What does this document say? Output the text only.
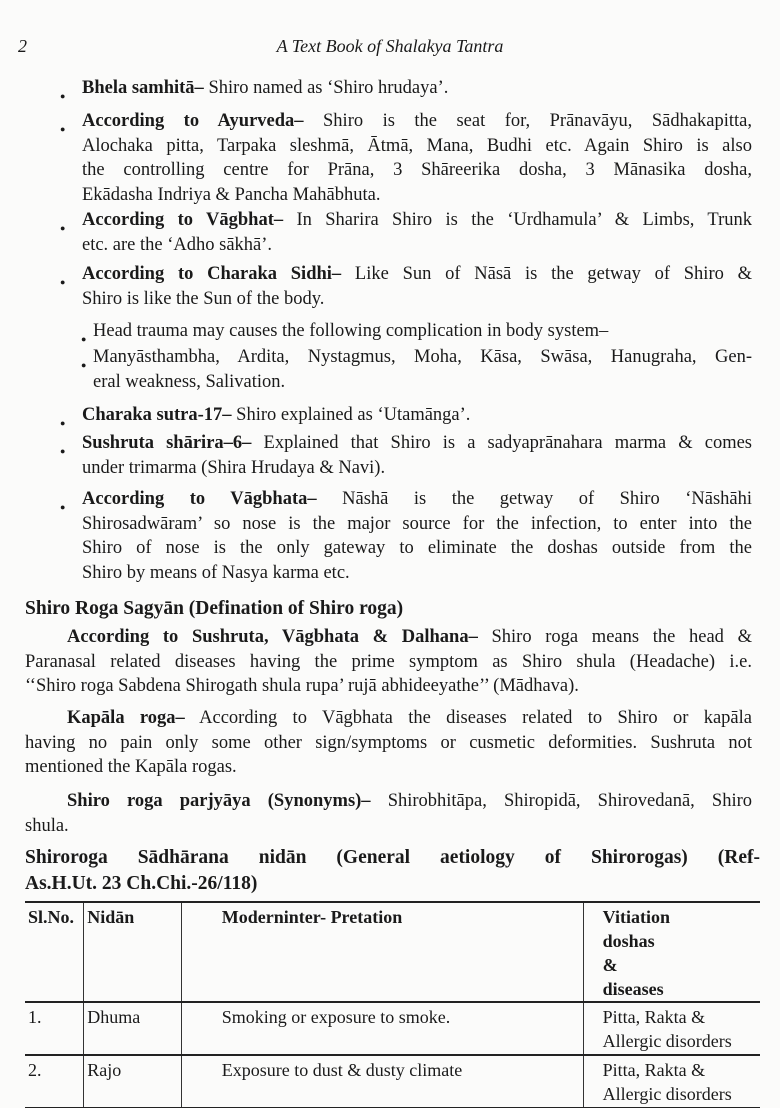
2	A Text Book of Shalakya Tantra
● Bhela samhitā– Shiro named as ‘Shiro hrudaya’.
● According to Ayurveda– Shiro is the seat for, Prānavāyu, Sādhakapitta,
Alochaka pitta, Tarpaka sleshmā, Ātmā, Mana, Budhi etc. Again Shiro is also
the controlling centre for Prāna, 3 Shāreerika dosha, 3 Mānasika dosha,
Ekādasha Indriya & Pancha Mahābhuta.
● According to Vāgbhat– In Sharira Shiro is the ‘Urdhamula’ & Limbs, Trunk
etc. are the ‘Adho sākhā’.
● According to Charaka Sidhi– Like Sun of Nāsā is the getway of Shiro &
Shiro is like the Sun of the body.
● Head trauma may causes the following complication in body system–
● Manyāsthambha, Ardita, Nystagmus, Moha, Kāsa, Swāsa, Hanugraha, Gen-
eral weakness, Salivation.
● Charaka sutra-17– Shiro explained as ‘Utamānga’.
● Sushruta shārira–6– Explained that Shiro is a sadyaprānahara marma & comes
under trimarma (Shira Hrudaya & Navi).
● According to Vāgbhata– Nāshā is the getway of Shiro ‘Nāshāhi
Shirosadwāram’ so nose is the major source for the infection, to enter into the
Shiro of nose is the only gateway to eliminate the doshas outside from the
Shiro by means of Nasya karma etc.
According to Sushruta, Vāgbhata & Dalhana– Shiro roga means the head &
Paranasal related diseases having the prime symptom as Shiro shula (Headache) i.e.
‘‘Shiro roga Sabdena Shirogath shula rupa’ rujā abhideeyathe’’ (Mādhava).
Kapāla roga– According to Vāgbhata the diseases related to Shiro or kapāla
having no pain only some other sign/symptoms or cusmetic deformities. Sushruta not
mentioned the Kapāla rogas.
Shiro roga parjyāya (Synonyms)– Shirobhitāpa, Shiropidā, Shirovedanā, Shiro
shula.
Shiro Roga Sagyān (Defination of Shiro roga)
Shiroroga Sādhārana nidān (General aetiology of Shirorogas) (Ref-
As.H.Ut. 23 Ch.Chi.-26/118)
Sl.No.	Nidān	Moderninter- Pretation	Vitiation doshas & diseases
1.	Dhuma	Smoking or exposure to smoke.	Pitta, Rakta & Allergic disorders
2.	Rajo	Exposure to dust & dusty climate	Pitta, Rakta & Allergic disorders
